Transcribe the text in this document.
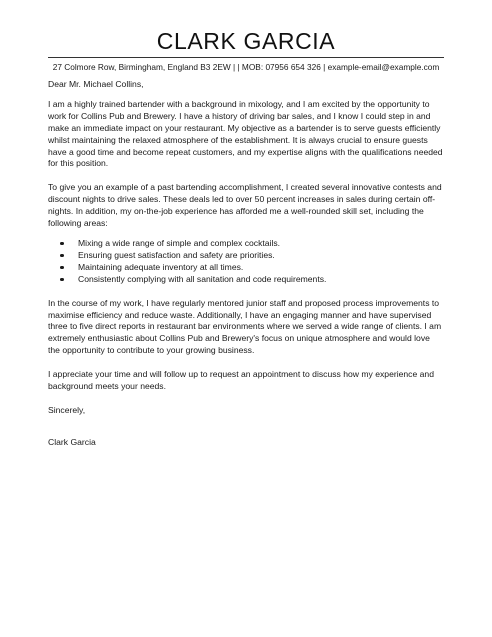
CLARK GARCIA
27 Colmore Row, Birmingham, England B3 2EW | | MOB: 07956 654 326 | example-email@example.com

Dear Mr. Michael Collins,

I am a highly trained bartender with a background in mixology, and I am excited by the opportunity to work for Collins Pub and Brewery. I have a history of driving bar sales, and I know I could step in and make an immediate impact on your restaurant. My objective as a bartender is to serve guests efficiently whilst maintaining the relaxed atmosphere of the establishment. It is always crucial to ensure guests have a good time and become repeat customers, and my expertise aligns with the qualifications needed for this position.

To give you an example of a past bartending accomplishment, I created several innovative contests and discount nights to drive sales. These deals led to over 50 percent increases in sales during certain off-nights. In addition, my on-the-job experience has afforded me a well-rounded skill set, including the following areas:

Mixing a wide range of simple and complex cocktails.
Ensuring guest satisfaction and safety are priorities.
Maintaining adequate inventory at all times.
Consistently complying with all sanitation and code requirements.

In the course of my work, I have regularly mentored junior staff and proposed process improvements to maximise efficiency and reduce waste. Additionally, I have an engaging manner and have supervised three to five direct reports in restaurant bar environments where we served a wide range of clients. I am extremely enthusiastic about Collins Pub and Brewery's focus on unique atmosphere and would love the opportunity to contribute to your growing business.

I appreciate your time and will follow up to request an appointment to discuss how my experience and background meets your needs.

Sincerely,

Clark Garcia
